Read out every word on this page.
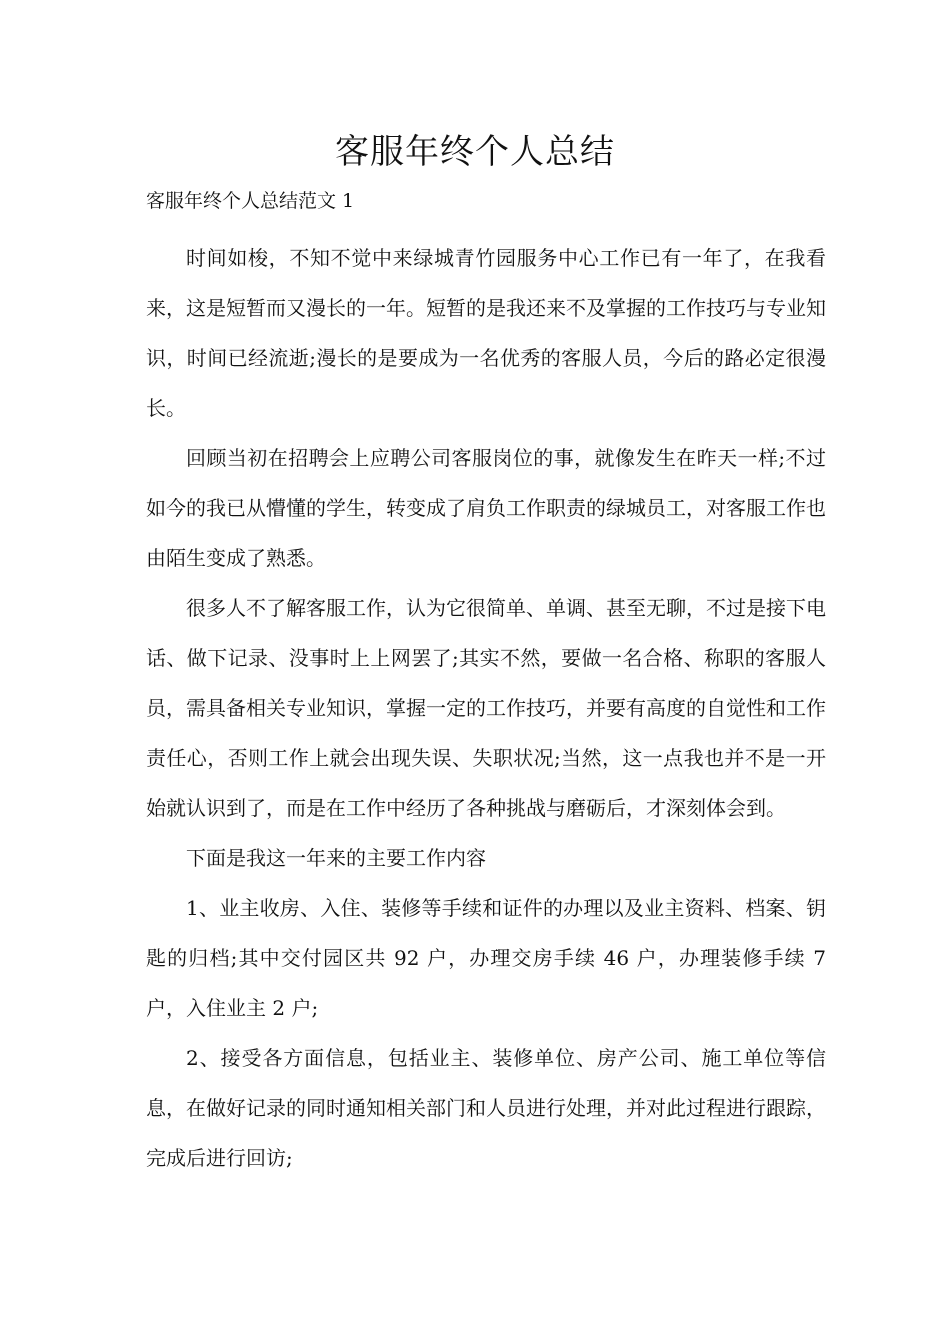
客服年终个人总结

客服年终个人总结范文 1

时间如梭，不知不觉中来绿城青竹园服务中心工作已有一年了，在我看来，这是短暂而又漫长的一年。短暂的是我还来不及掌握的工作技巧与专业知识，时间已经流逝;漫长的是要成为一名优秀的客服人员，今后的路必定很漫长。

回顾当初在招聘会上应聘公司客服岗位的事，就像发生在昨天一样;不过如今的我已从懵懂的学生，转变成了肩负工作职责的绿城员工，对客服工作也由陌生变成了熟悉。

很多人不了解客服工作，认为它很简单、单调、甚至无聊，不过是接下电话、做下记录、没事时上上网罢了;其实不然，要做一名合格、称职的客服人员，需具备相关专业知识，掌握一定的工作技巧，并要有高度的自觉性和工作责任心，否则工作上就会出现失误、失职状况;当然，这一点我也并不是一开始就认识到了，而是在工作中经历了各种挑战与磨砺后，才深刻体会到。

下面是我这一年来的主要工作内容

1、业主收房、入住、装修等手续和证件的办理以及业主资料、档案、钥匙的归档;其中交付园区共 92 户，办理交房手续 46 户，办理装修手续 7 户，入住业主 2 户;

2、接受各方面信息，包括业主、装修单位、房产公司、施工单位等信息，在做好记录的同时通知相关部门和人员进行处理，并对此过程进行跟踪，完成后进行回访;
